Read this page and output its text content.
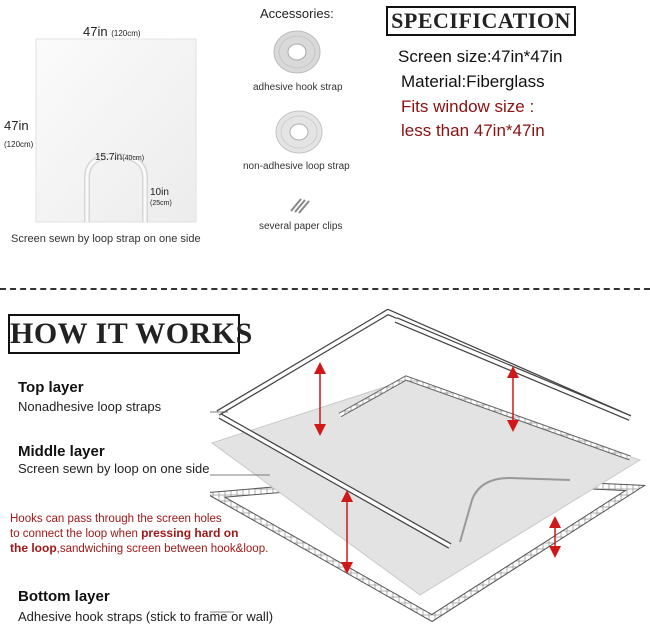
47in (120cm)
47in
(120cm)
15.7in(40cm)
10in
(25cm)
Screen sewn by loop strap on one side
Accessories:
adhesive hook strap
non-adhesive loop strap
several paper clips
SPECIFICATION
Screen size:47in*47in
Material:Fiberglass
Fits window size :
less than 47in*47in
HOW IT WORKS
Top layer
Nonadhesive loop straps
Middle layer
Screen sewn by loop on one side
Hooks can pass through the screen holes
to connect the loop when pressing hard on
the loop,sandwiching screen between hook&loop.
Bottom layer
Adhesive hook straps (stick to frame or wall)
